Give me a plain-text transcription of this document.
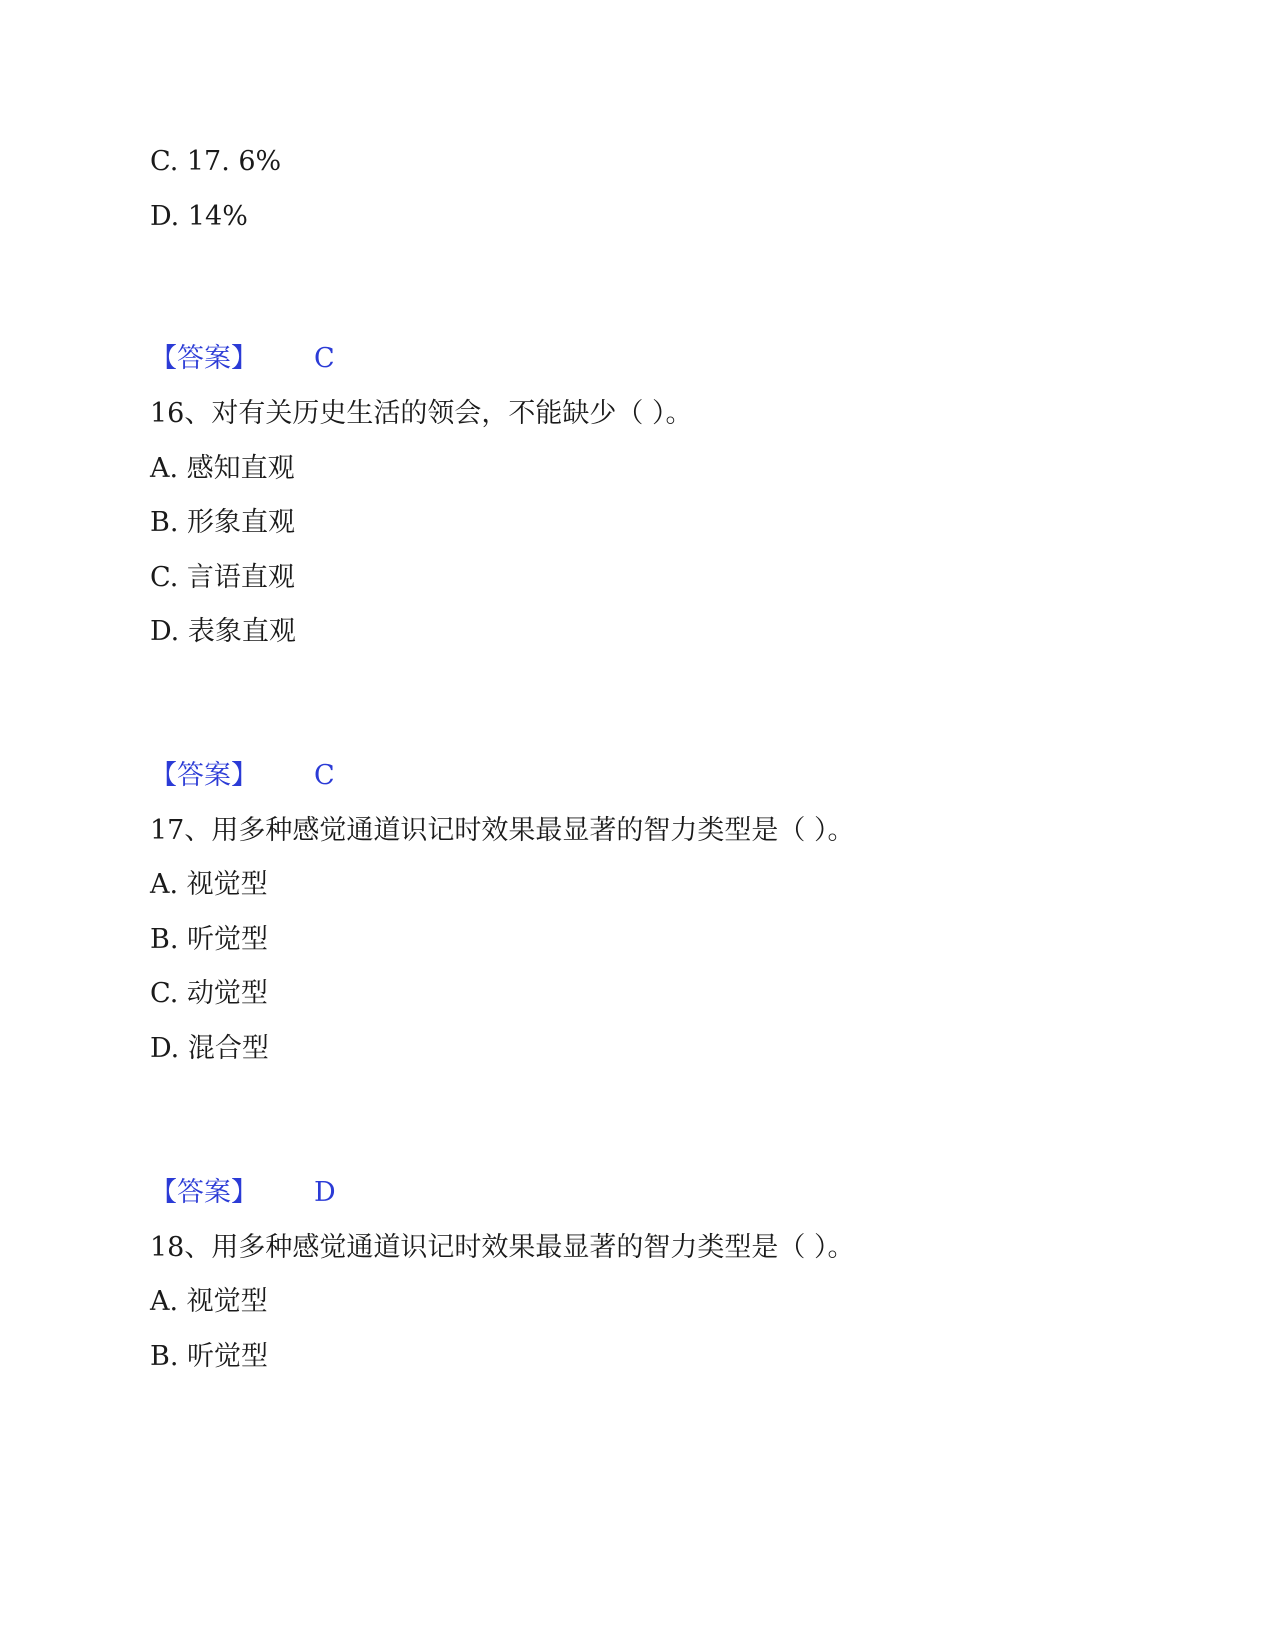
C. 17. 6%

D. 14%

【答案】 C

16、对有关历史生活的领会，不能缺少（ ）。

A. 感知直观

B. 形象直观

C. 言语直观

D. 表象直观

【答案】 C

17、用多种感觉通道识记时效果最显著的智力类型是（ ）。

A. 视觉型

B. 听觉型

C. 动觉型

D. 混合型

【答案】 D

18、用多种感觉通道识记时效果最显著的智力类型是（ ）。

A. 视觉型

B. 听觉型
